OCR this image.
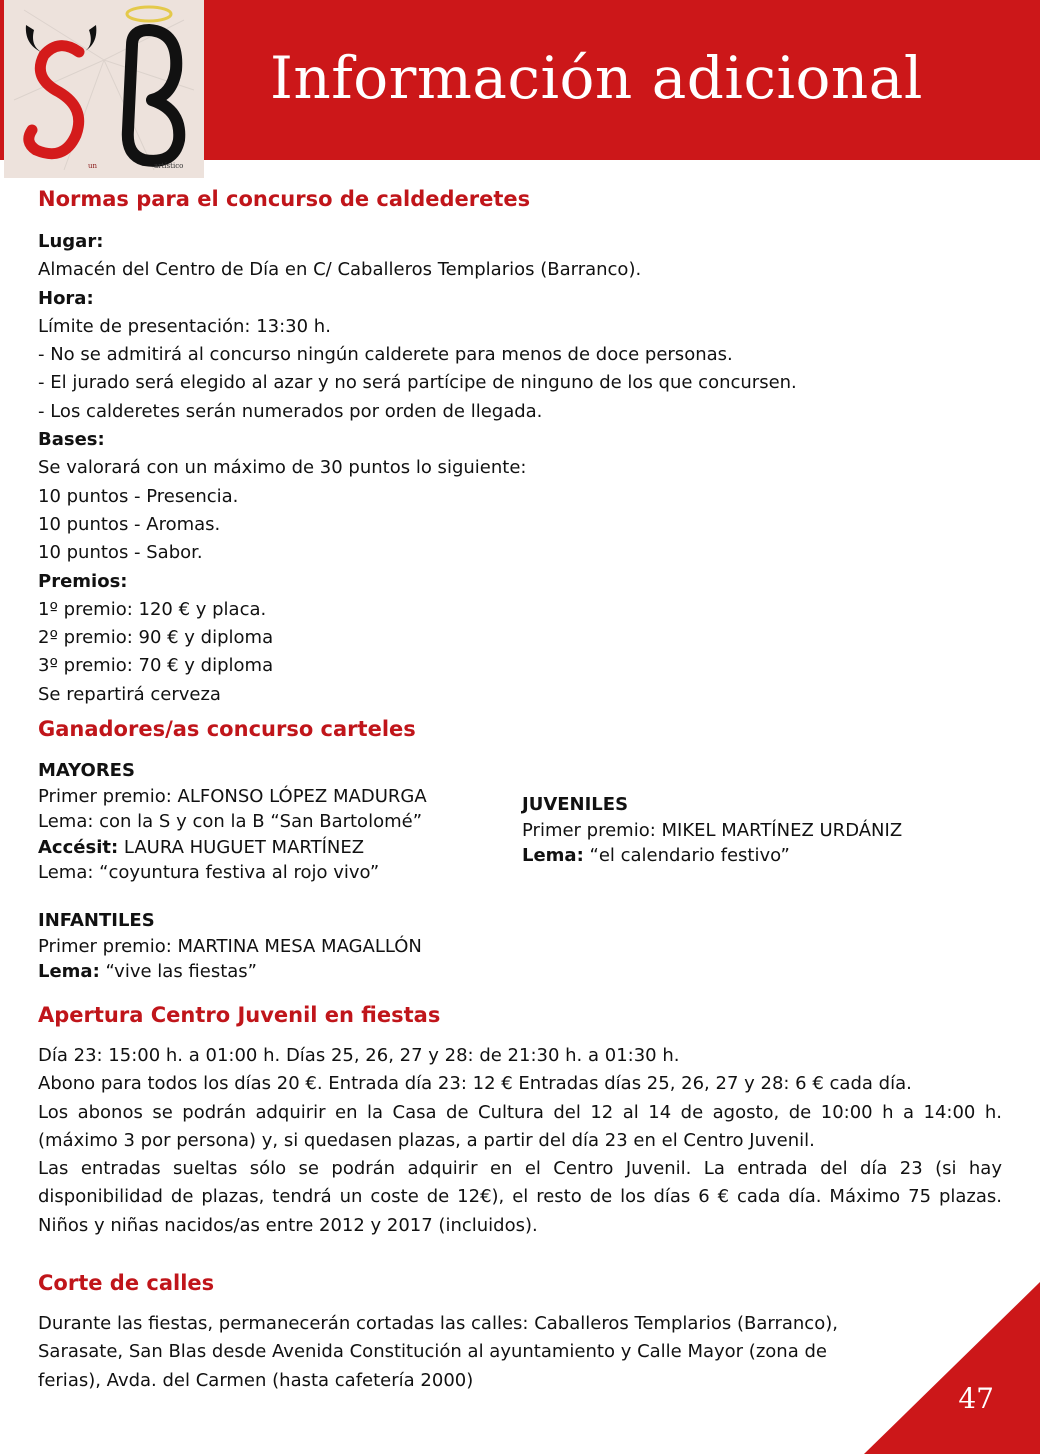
un	artístico
Información adicional
Normas para el concurso de caldederetes

Lugar:

Almacén del Centro de Día en C/ Caballeros Templarios (Barranco).

Hora:

Límite de presentación: 13:30 h.

- No se admitirá al concurso ningún calderete para menos de doce personas.

- El jurado será elegido al azar y no será partícipe de ninguno de los que concursen.

- Los calderetes serán numerados por orden de llegada.

Bases:

Se valorará con un máximo de 30 puntos lo siguiente:

10 puntos - Presencia.

10 puntos - Aromas.

10 puntos - Sabor.

Premios:

1º premio: 120 € y placa.

2º premio: 90 € y diploma

3º premio: 70 € y diploma

Se repartirá cerveza

Ganadores/as concurso carteles
MAYORES
Primer premio: ALFONSO LÓPEZ MADURGA
Lema: con la S y con la B “San Bartolomé”
Accésit: LAURA HUGUET MARTÍNEZ
Lema: “coyuntura festiva al rojo vivo”
INFANTILES
Primer premio: MARTINA MESA MAGALLÓN
Lema: “vive las fiestas”
JUVENILES
Primer premio: MIKEL MARTÍNEZ URDÁNIZ
Lema: “el calendario festivo”
Apertura Centro Juvenil en fiestas

Día 23: 15:00 h. a 01:00 h. Días 25, 26, 27 y 28: de 21:30 h. a 01:30 h.

Abono para todos los días 20 €. Entrada día 23: 12 € Entradas días 25, 26, 27 y 28: 6 € cada día.

Los abonos se podrán adquirir en la Casa de Cultura del 12 al 14 de agosto, de 10:00 h a 14:00 h. (máximo 3 por persona) y, si quedasen plazas, a partir del día 23 en el Centro Juvenil.

Las entradas sueltas sólo se podrán adquirir en el Centro Juvenil. La entrada del día 23 (si hay disponibilidad de plazas, tendrá un coste de 12€), el resto de los días 6 € cada día. Máximo 75 plazas. Niños y niñas nacidos/as entre 2012 y 2017 (incluidos).

Corte de calles

Durante las fiestas, permanecerán cortadas las calles: Caballeros Templarios (Barranco), Sarasate, San Blas desde Avenida Constitución al ayuntamiento y Calle Mayor (zona de ferias), Avda. del Carmen (hasta cafetería 2000)

47
